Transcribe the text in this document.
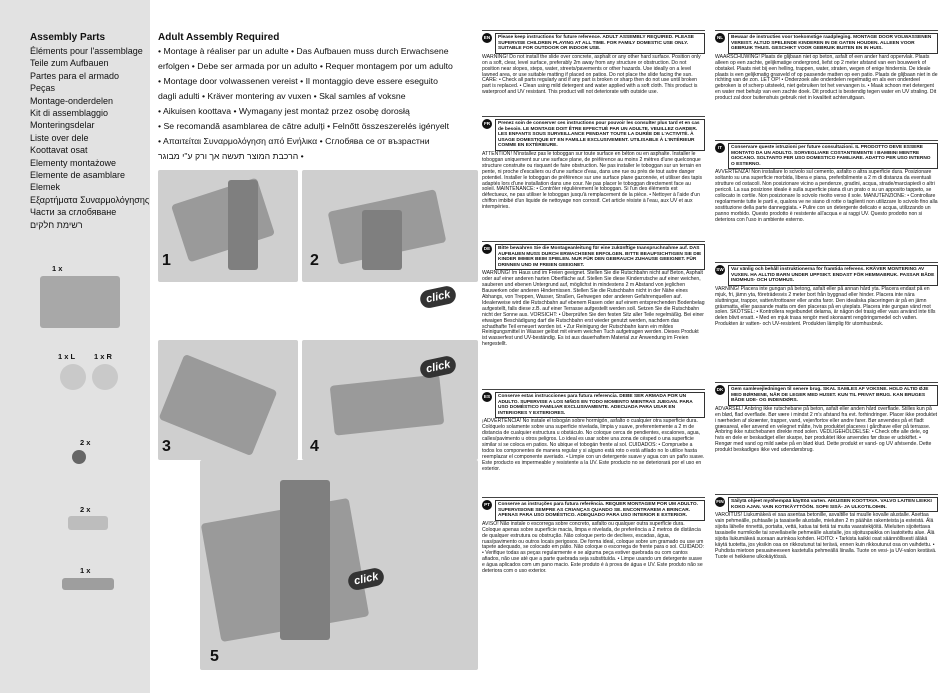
Assembly Parts
Éléments pour l'assemblage
Teile zum Aufbauen
Partes para el armado
Peças
Montage-onderdelen
Kit di assemblaggio
Monteringsdelar
Liste over dele
Koottavat osat
Elementy montażowe
Elemente de asamblare
Elemek
Εξαρτήματα Συναρμολόγησης
Части за сглобяване
רשימת חלקים
1 x
1 x L	1 x R
2 x
2 x
1 x
Adult Assembly Required
• Montage à réaliser par un adulte • Das Aufbauen muss durch Erwachsene
erfolgen • Debe ser armada por un adulto • Requer montagem por um adulto
• Montage door volwassenen vereist • Il montaggio deve essere eseguito
dagli adulti • Kräver montering av vuxen • Skal samles af voksne
• Aikuisen koottava • Wymagany jest montaż przez osobę dorosłą
• Se recomandă asamblarea de către adulți • Felnőtt összeszerelés igényelt
• Απαιτείται Συναρμολόγηση από Ενήλικα • Сглобява се от възрастни
• הרכבת המוצר תעשה אך ורק ע"י מבוגר
1	2
click
3	4
click
5
click
EN	Please keep instructions for future reference. ADULT ASSEMBLY REQUIRED. PLEASE SUPERVISE CHILDREN PLAYING AT ALL TIME. FOR FAMILY DOMESTIC USE ONLY. SUITABLE FOR OUTDOOR OR INDOOR USE.
WARNING! Do not install the slide over concrete, asphalt or any other hard surface. Position only on a soft, clear, level surface, preferably 2m away from any structure or obstruction. Do not position near slopes, steps, water, streets/pavements or other hazards. Use ideally on a level lawned area, or use suitable matting if placed on patios. Do not place the slide facing the sun. CARE: • Check all parts regularly and if any part is broken or sharp then do not use until broken part is replaced. • Clean using mild detergent and water applied with a soft cloth. This product is waterproof and UV resistant. This product will not deteriorate with outside use.
FR	Prenez soin de conserver ces instructions pour pouvoir les consulter plus tard et en cas de besoin. LE MONTAGE DOIT ÊTRE EFFECTUÉ PAR UN ADULTE. VEUILLEZ GARDER. LES ENFANTS SOUS SURVEILLANCE PENDANT TOUTE LA DURÉE DE L'ACTIVITÉ. À USAGE DOMESTIQUE ET EN FAMILLE EXCLUSIVEMENT. UTILISABLE À L'INTÉRIEUR COMME EN EXTÉRIEURE.
ATTENTION! N'installez pas le toboggan sur toute surface en béton ou en asphalte. Installer le toboggan uniquement sur une surface plane, de préférence au moins 2 mètres d'une quelconque structure construite ou risquant de faire obstruction. Ne pas installer le toboggan sur un terrain en pente, ni proche d'escaliers ou d'une surface d'eau, dans une rue ou près de tout autre danger potentiel. Installer le toboggan de préférence sur une surface plane gazonnée, et utiliser des tapis adaptés lors d'une installation dans une cour. Ne pas placer le toboggan directement face au soleil. MAINTENANCE: • Contrôler régulièrement le toboggan. Si l'un des éléments est défectueux, ne pas utiliser le toboggan jusqu'à remplacement de la pièce. • Nettoyer à l'aide d'un chiffon imbibé d'un liquide de nettoyage non corrosif. Cet article résiste à l'eau, aux UV et aux intempéries.
DE	Bitte bewahren Sie die Montageanleitung für eine zukünftige Inanspruchnahme auf. DAS AUFBAUEN MUSS DURCH ERWACHSENE ERFOLGEN. BITTE BEAUFSICHTIGEN SIE DIE KINDER IMMER BEIM SPIELEN. NUR FÜR DEN GEBRAUCH ZUHAUSE GEEIGNET. FÜR DRINNEN UND IM FREIEN GEEIGNET.
WARNUNG! Im Haus und im Freien geeignet. Stellen Sie die Rutschbahn nicht auf Beton, Asphalt oder auf einer anderen harten Oberfläche auf. Stellen Sie diese Kinderrutsche auf einer weichen, sauberen und ebenen Untergrund auf, möglichst in mindestens 2 m Abstand von jeglichen Bauwerken oder anderen Hindernissen. Stellen Sie die Rutschbahn nicht in der Nähe eines Abhangs, von Treppen, Wasser, Straßen, Gehwegen oder anderen Gefahrenquellen auf. Idealerweise wird die Rutschbahn auf ebenem Rasen oder auf einem entsprechenden Bodenbelag aufgestellt, falls diese z.B. auf einer Terrasse aufgestellt werden soll. Setzen Sie die Rutschbahn nicht der Sonne aus. VORSICHT: • Überprüfen Sie den festen Sitz aller Teile regelmäßig. Bei einer etwaigen Beschädigung darf die Rutschbahn erst wieder genutzt werden, nachdem das schadhafte Teil erneuert worden ist. • Zur Reinigung der Rutschbahn kann ein mildes Reinigungsmittel in Wasser gelöst mit einem weichen Tuch aufgetragen werden. Dieses Produkt ist wasserfest und UV-beständig. Es ist aus dauerhaftem Material zur Anwendung im Freien hergestellt.
ES	Conserve estas instrucciones para futura referencia. DEBE SER ARMADA POR UN ADULTO. SUPERVISE A LOS NIÑOS EN TODO MOMENTO MIENTRAS JUEGAN. PARA USO DOMÉSTICO FAMILIAR EXCLUSIVAMENTE. ADECUADA PARA USAR EN INTERIORES Y EXTERIORES.
¡ADVERTENCIA! No instale el tobogán sobre hormigón, asfalto o cualquier otra superficie dura. Colóquelo solamente sobre una superficie nivelada, limpia y suave, preferentemente a 2 m de distancia de cualquier estructura u obstáculo. No coloque cerca de pendientes, escalones, agua, calles/pavimento u otros peligros. Lo ideal es usar sobre una zona de césped o una superficie similar si se coloca en patios. No ubique el tobogán frente al sol. CUIDADOS: • Compruebe a todos los componentes de manera regular y si alguno está roto o está afilado no lo utilice hasta reemplazar el componente averiado. • Limpie con un detergente suave y agua con un paño suave. Este producto es impermeable y resistente a la UV. Este producto no se deteriorará por el uso en exterior.
PT	Conserve as instruções para futura referência. REQUER MONTAGEM POR UM ADULTO. SUPERVISIONE SEMPRE AS CRIANÇAS QUANDO SE. ENCONTRAREM A BRINCAR. APENAS PARA USO DOMÉSTICO. ADEQUADO PARA USO INTERIOR E EXTERIOR.
AVISO! Não instale o escorrega sobre concreto, asfalto ou qualquer outra superfície dura. Coloque apenas sobre superfície macia, limpa e nivelada, de preferência a 2 metros de distância de qualquer estrutura ou obstrução. Não coloque perto de declives, escadas, água, ruas/pavimento ou outros locais perigosos. De forma ideal, coloque sobre um gramado ou use um tapete adequado, se colocado em pátio. Não coloque o escorrega de frente para o sol. CUIDADO: • Verifique todas as peças regularmente e se alguma peça estiver quebrada ou com cantos afiados, não use até que a parte quebrada seja substituída. • Limpe usando um detergente suave e água aplicados com um pano macio. Este produto é à prova de água e UV. Este produto não se deteriora com o uso exterior.
NL	Bewaar de instructies voor toekomstige raadpleging. MONTAGE DOOR VOLWASSENEN VEREIST. ALTIJD SPELENDE KINDEREN IN DE GATEN HOUDEN. ALLEEN VOOR GEBRUIK THUIS. GESCHIKT VOOR GEBRUIK BUITEN EN IN HUIS.
WAARSCHUWING! Plaats de glijbaan niet op beton, asfalt of een ander hard oppervlak. Plaats alleen op een zachte, gelijkmatige ondergrond, liefst op 2 meter afstand van een bouwwerk of obstakel. Plaats niet bij een helling, trappen, water, straten, wegen of enige hindernis. De ideale plaats is een gelijkmatig grasveld of op passende matten op een patio. Plaats de glijbaan niet in de richting van de zon. LET OP! • Onderzoek alle onderdelen regelmatig en als een onderdeel gebroken is of scherp uitsteekt, niet gebruiken tot het vervangen is. • Maak schoon met detergent en water met behulp van een zachte doek. Dit product is bestendig tegen water en UV straling. Dit product zal door buitenshuis gebruik niet in kwaliteit achteruitgaan.
IT	Conservare queste istruzioni per future consultazioni. IL PRODOTTO DEVE ESSERE MONTATO DA UN ADULTO. SORVEGLIARE COSTANTEMENTE I BAMBINI MENTRE GIOCANO. SOLTANTO PER USO DOMESTICO FAMILIARE. ADATTO PER USO INTERNO O ESTERNO.
AVVERTENZA! Non installare lo scivolo sul cemento, asfalto o altra superficie dura. Posizionare soltanto su una superficie morbida, libera e piana, preferibilmente a 2 m di distanza da eventuali strutture od ostacoli. Non posizionare vicino a pendenze, gradini, acqua, strade/marciapiedi o altri pericoli. La sua posizione ideale è sulla superficie piana di un prato o su un apposito tappeto, se collocato in cortile. Non posizionare lo scivolo rivolto verso il sole. MANUTENZIONE: • Controllare regolarmente tutte le parti e, qualora ve ne siano di rotte o taglienti non utilizzare lo scivolo fino alla sostituzione della parte danneggiata. • Pulire con un detergente delicato e acqua, utilizzando un panno morbido. Questo prodotto è resistente all'acqua e ai raggi UV. Questo prodotto non si deteriora con l'uso in ambiente esterno.
SW	Var vänlig och behåll instruktionerna för framtida referens. KRÄVER MONTERING AV VUXEN. HA ALLTID BARN UNDER UPPSIKT. ENDAST FÖR HEMMABRUK. PASSAR BÅDE INOMHUS- OCH UTOMHUS.
VARNING! Placera inte gungan på betong, asfalt eller på annan hård yta. Placera endast på en mjuk, fri, jämn yta, företrädesvis 2 meter bort från byggnad eller hinder. Placera inte nära sluttningar, trappor, vatten/trottoarer eller andra faror. Den idealiska placeringen är på en jämn gräsmatta, eller passande matta om den placeras på en uteplats. Placera inte gungan vänd mot solen. SKÖTSEL: • Kontrollera regelbundet delarna, är någon del trasig eller vass använd inte tills delen blivit ersatt. • Med en mjuk trasa rengör med skonsamt rengöringsmedel och vatten. Produkten är vatten- och UV-resistent. Produkten lämplig för utomhusbruk.
DK	Gem samlevejledningen til senere brug. SKAL SAMLES AF VOKSNE. HOLD ALTID ØJE MED BØRNENE, NÅR DE LEGER MED HUSET. KUN TIL PRIVAT BRUG. KAN BRUGES BÅDE UDE- OG INDENDØRS.
ADVARSEL! Anbring ikke rutschebane på beton, asfalt eller anden hård overflade. Stilles kun på en blød, flad overflade. Bør være i mindst 2 m's afstand fra evt. forhindringer. Placer ikke produktet i nærheden af skrænter, trapper, vand, vejer/fortov eller andre farer. Bør anvendes på et fladt græsareal, eller anvend en velegnet måtte, hvis produktet placeres i gårdhave eller på terrasse. Anbring ikke rutschebanen direkte mod solen. VEDLIGEHOLDELSE: • Check ofte alle dele, og hvis en dele er beskadiget eller skarpe, bør produktet ikke anvendes før disse er udskiftet. • Rengør med vand og mild sæbe på en blød klud. Dette produkt er vand- og UV afvisende. Dette produkt beskadiges ikke ved udendørsbrug.
FIN	Säilytä ohjeet myöhempää käyttöä varten. AIKUISEN KOOTTAVA. VALVO LAITEN LEIKKI KOKO AJAN. VAIN KOTIKÄYTTÖÖN. SOPII SISÄ- JA ULKOTILOIHIN.
VAROITUS! Liukumäkeä ei saa asentaa betonille, asvaltille tai muulle kovalle alustalle. Asettaa vain pehmeälle, puhtaalle ja tasaiselle alustalle, mieluiten 2 m päähän rakenteista ja esteistä. Älä sijoita lähelle rinnettä, portaita, vettä, katua tai tietä tai muita vaaratekijöitä. Mieluiten sijoitettava tasaiselle nurmikolle tai sovellaiselle pehmeälle alustalle, jos sijoituspaikka on laatoitettu alue. Älä sijoita liukumäkeä suoraan aurinkoa kohden. HOITO: • Tarkista kaikki osat säännöllisesti äläkä käytä tuotetta, jos yksikin osa on rikkoutunut tai terävä, ennen kuin rikkoutunut osa on vaihdettu. • Puhdista mietoon pesuaineeseen kastetulla pehmeällä liinalla. Tuote on vesi- ja UV-valon kestävä. Tuote ei heikkene ulkokäytössä.
